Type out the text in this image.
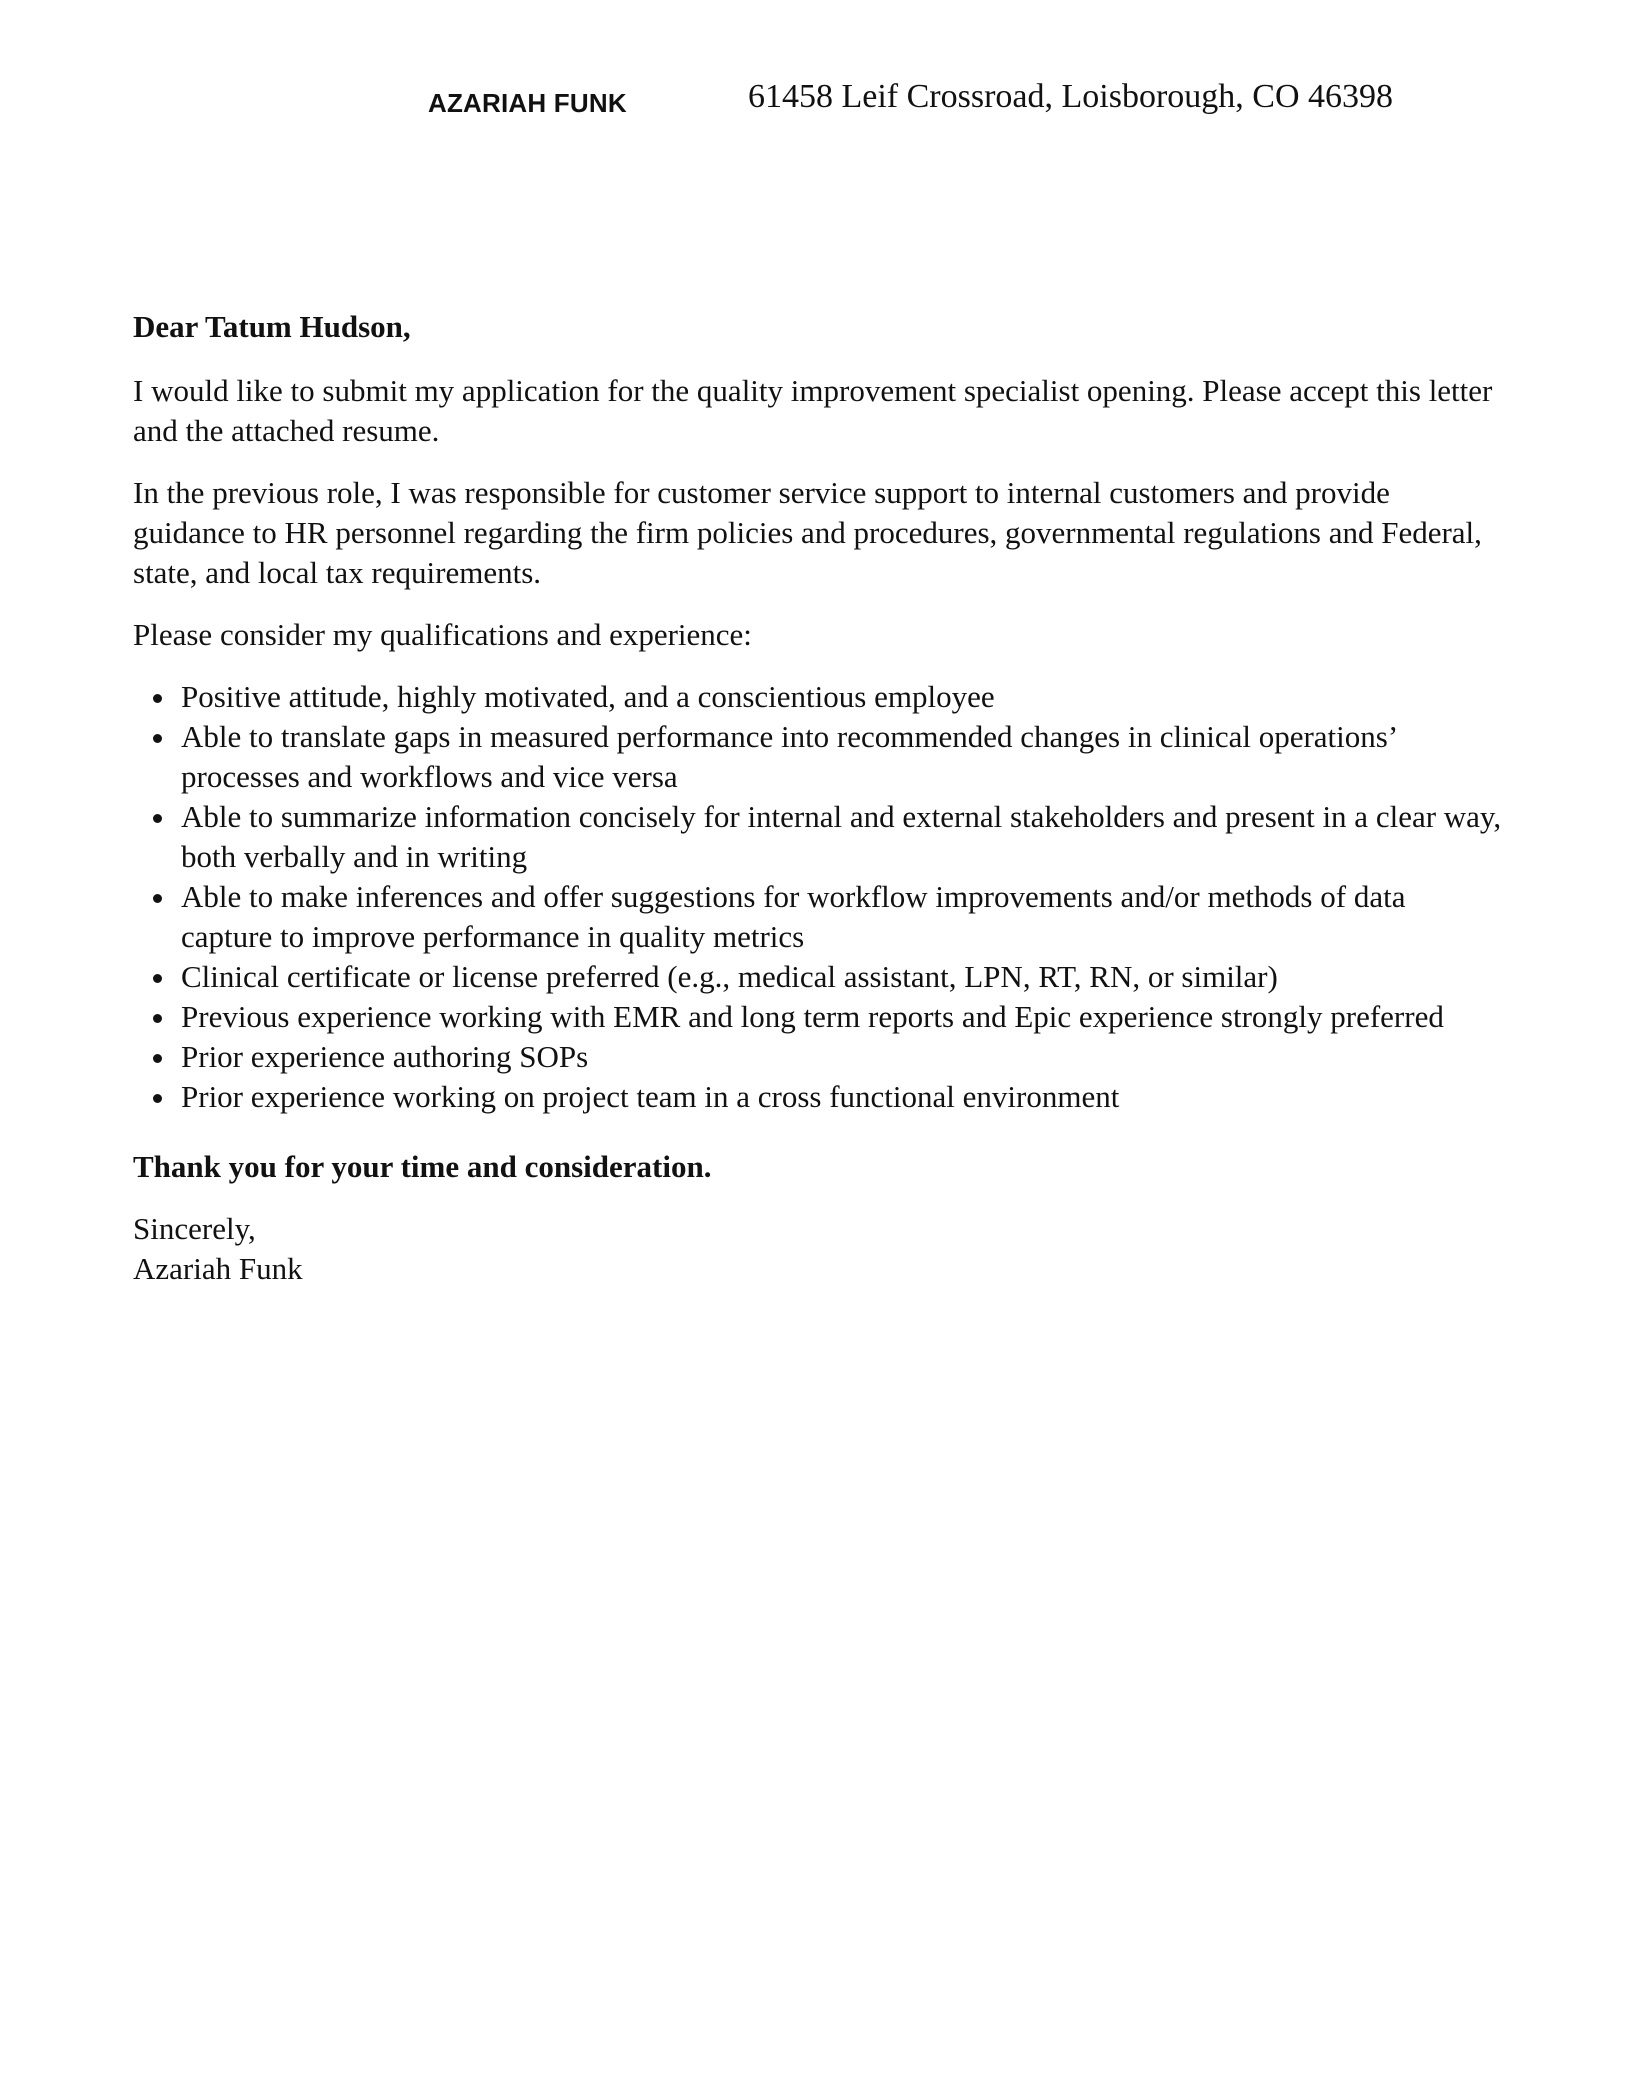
AZARIAH FUNK	61458 Leif Crossroad, Loisborough, CO 46398

Dear Tatum Hudson,

I would like to submit my application for the quality improvement specialist opening. Please accept this letter and the attached resume.

In the previous role, I was responsible for customer service support to internal customers and provide guidance to HR personnel regarding the firm policies and procedures, governmental regulations and Federal, state, and local tax requirements.

Please consider my qualifications and experience:

Positive attitude, highly motivated, and a conscientious employee
Able to translate gaps in measured performance into recommended changes in clinical operations’ processes and workflows and vice versa
Able to summarize information concisely for internal and external stakeholders and present in a clear way, both verbally and in writing
Able to make inferences and offer suggestions for workflow improvements and/or methods of data capture to improve performance in quality metrics
Clinical certificate or license preferred (e.g., medical assistant, LPN, RT, RN, or similar)
Previous experience working with EMR and long term reports and Epic experience strongly preferred
Prior experience authoring SOPs
Prior experience working on project team in a cross functional environment

Thank you for your time and consideration.

Sincerely,

Azariah Funk
